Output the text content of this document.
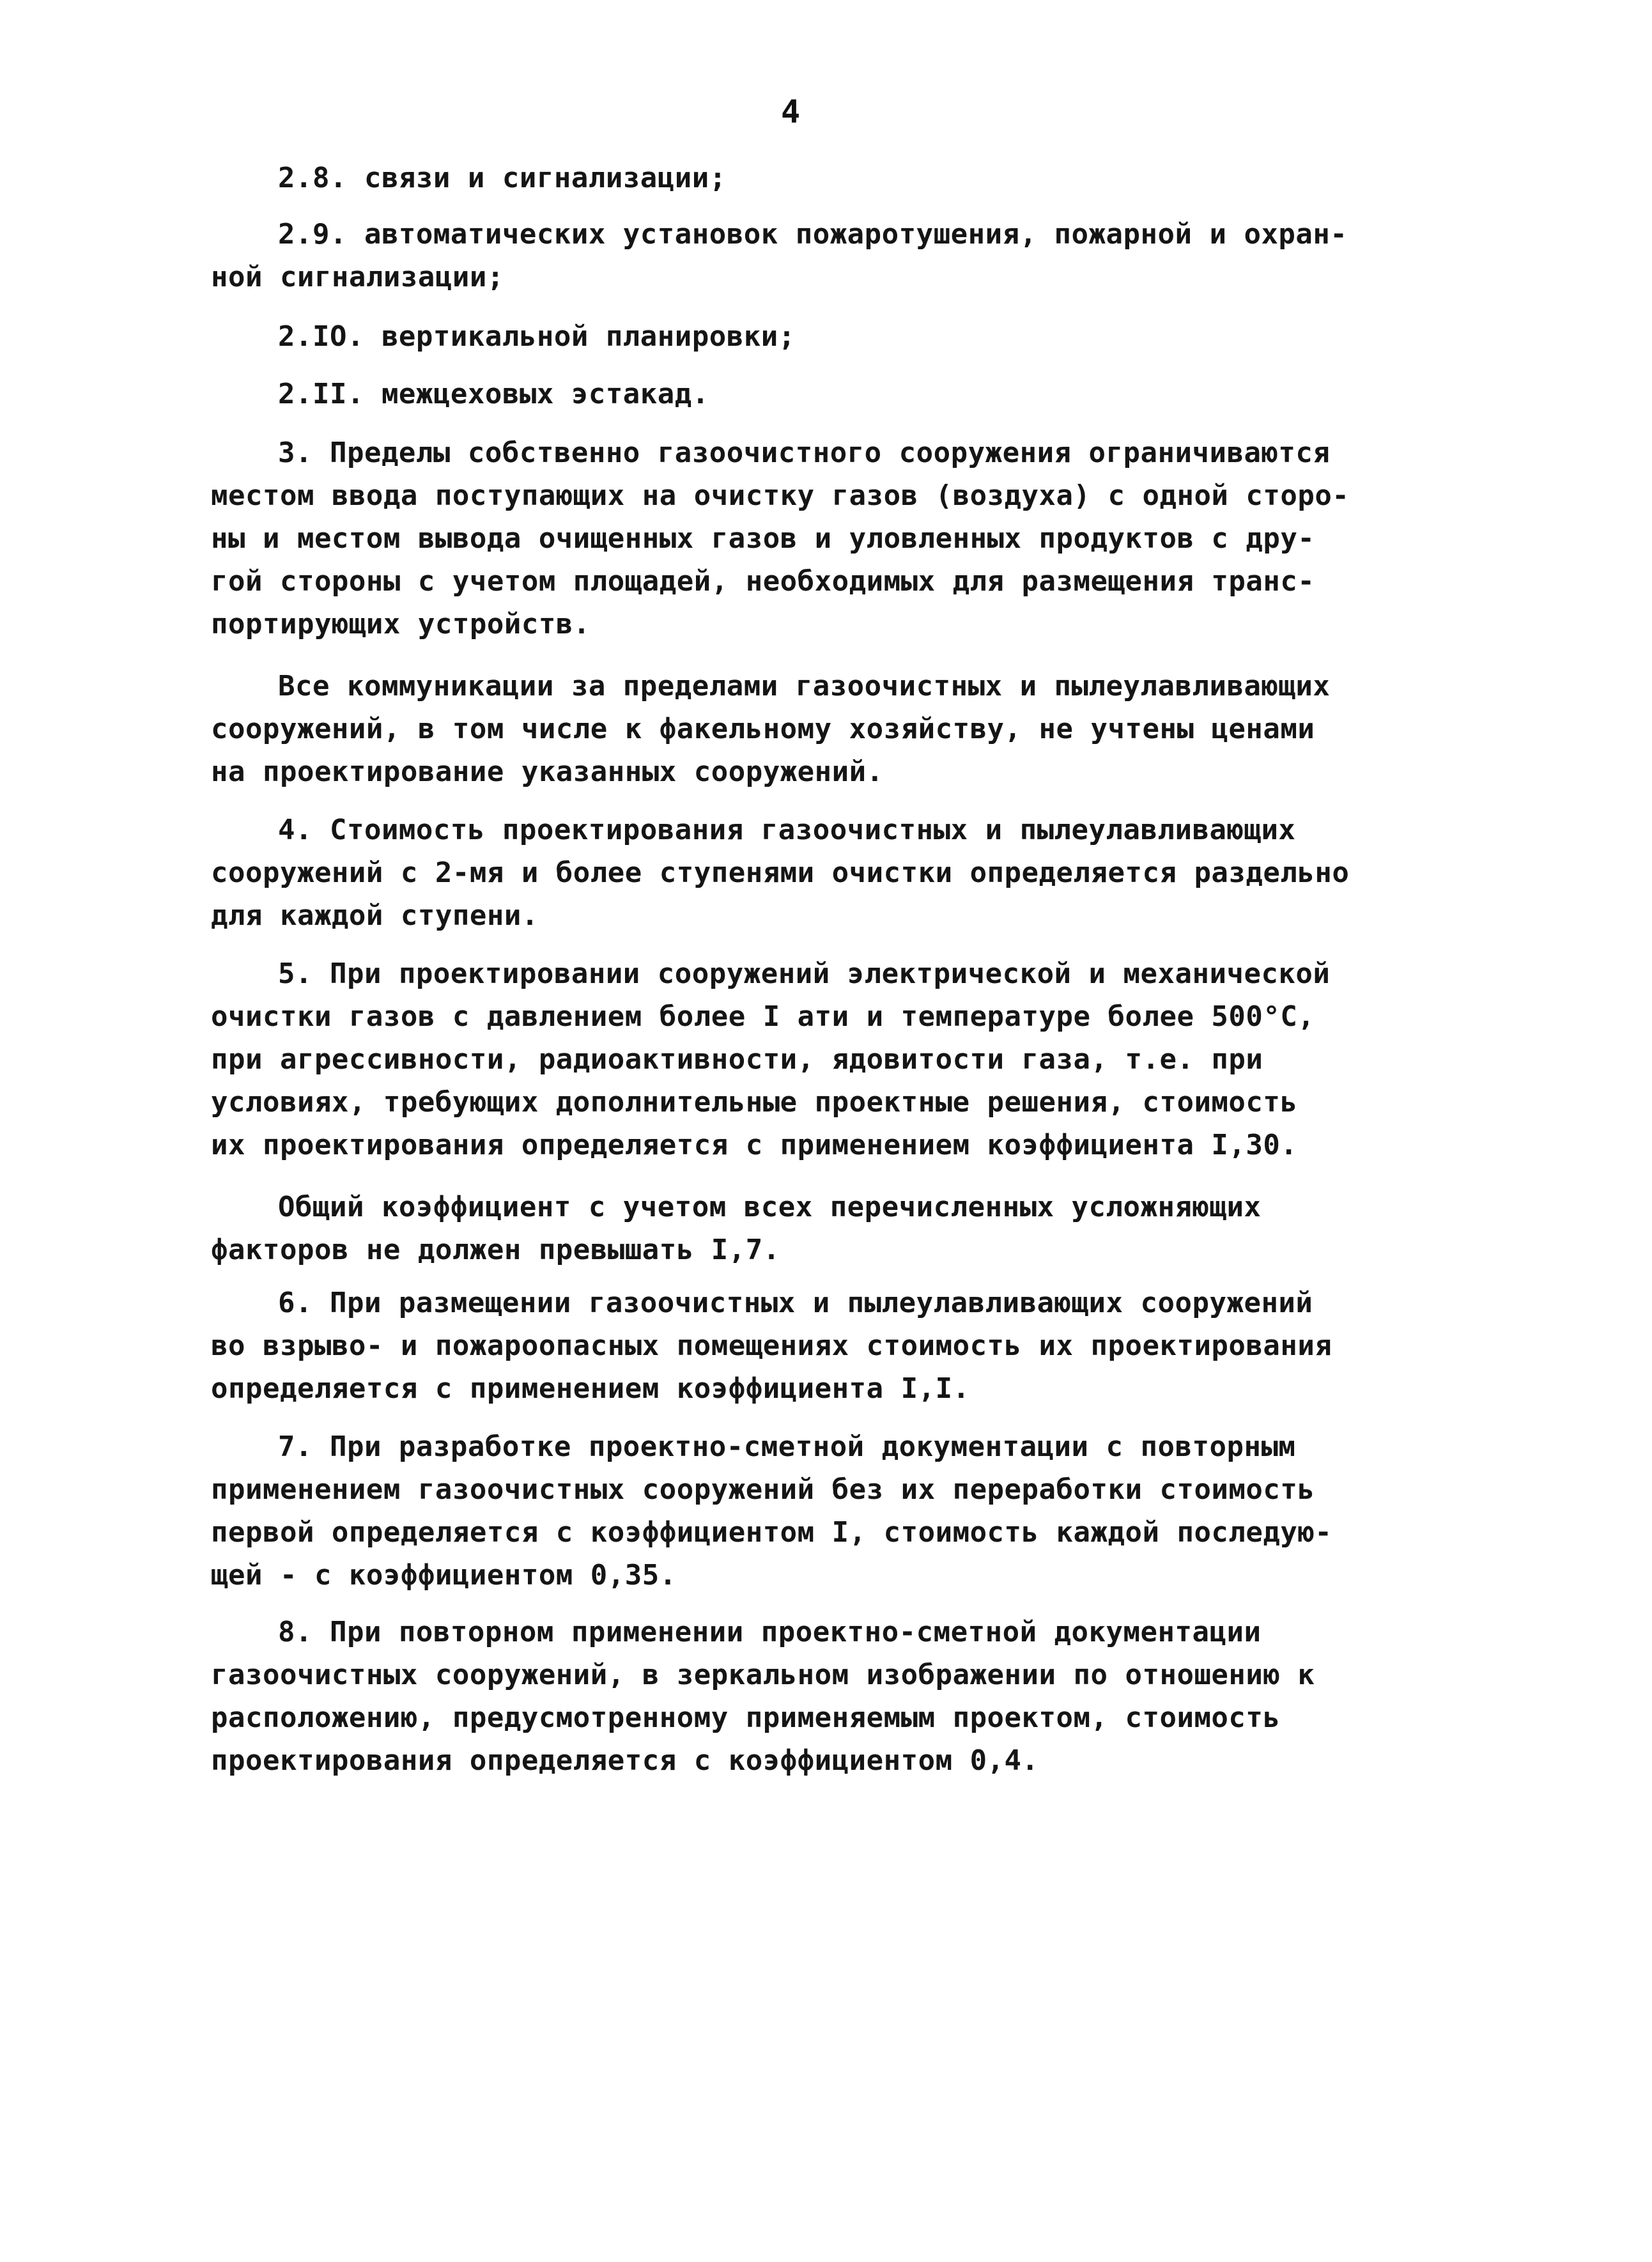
4
2.8. связи и сигнализации;
2.9. автоматических установок пожаротушения, пожарной и охран-
ной сигнализации;
2.IO. вертикальной планировки;
2.II. межцеховых эстакад.
3. Пределы собственно газоочистного сооружения ограничиваются
местом ввода поступающих на очистку газов (воздуха) с одной сторо-
ны и местом вывода очищенных газов и уловленных продуктов с дру-
гой стороны с учетом площадей, необходимых для размещения транс-
портирующих устройств.
Все коммуникации за пределами газоочистных и пылеулавливающих
сооружений, в том числе к факельному хозяйству, не учтены ценами
на проектирование указанных сооружений.
4. Стоимость проектирования газоочистных и пылеулавливающих
сооружений с 2-мя и более ступенями очистки определяется раздельно
для каждой ступени.
5. При проектировании сооружений электрической и механической
очистки газов с давлением более I ати и температуре более 500°С,
при агрессивности, радиоактивности, ядовитости газа, т.е. при
условиях, требующих дополнительные проектные решения, стоимость
их проектирования определяется с применением коэффициента I,30.
Общий коэффициент с учетом всех перечисленных усложняющих
факторов не должен превышать I,7.
6. При размещении газоочистных и пылеулавливающих сооружений
во взрыво- и пожароопасных помещениях стоимость их проектирования
определяется с применением коэффициента I,I.
7. При разработке проектно-сметной документации с повторным
применением газоочистных сооружений без их переработки стоимость
первой определяется с коэффициентом I, стоимость каждой последую-
щей - с коэффициентом 0,35.
8. При повторном применении проектно-сметной документации
газоочистных сооружений, в зеркальном изображении по отношению к
расположению, предусмотренному применяемым проектом, стоимость
проектирования определяется с коэффициентом 0,4.
